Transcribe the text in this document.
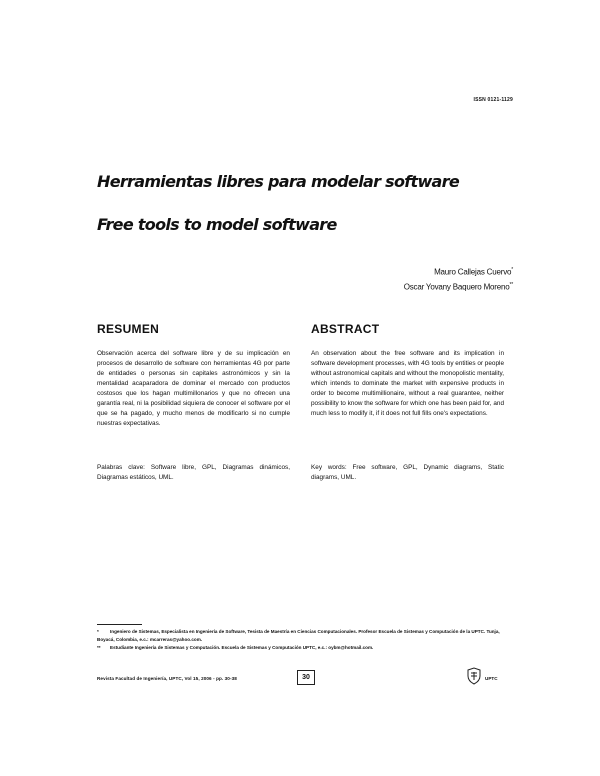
ISSN 0121-1129
Herramientas libres para modelar software
Free tools to model software
Mauro Callejas Cuervo*
Oscar Yovany Baquero Moreno**
RESUMEN	ABSTRACT
Observación acerca del software libre y de su implicación en procesos de desarrollo de software con herramientas 4G por parte de entidades o personas sin capitales astronómicos y sin la mentalidad acaparadora de dominar el mercado con productos costosos que los hagan multimillonarios y que no ofrecen una garantía real, ni la posibilidad siquiera de conocer el software por el que se ha pagado, y mucho menos de modificarlo si no cumple nuestras expectativas.
Palabras clave: Software libre, GPL, Diagramas dinámicos, Diagramas estáticos, UML.
An observation about the free software and its implication in software development processes, with 4G tools by entities or people without astronomical capitals and without the monopolistic mentality, which intends to dominate the market with expensive products in order to become multimillionaire, without a real guarantee, neither possibility to know the software for which one has been paid for, and much less to modify it, if it does not full fills one's expectations.
Key words: Free software, GPL, Dynamic diagrams, Static diagrams, UML.
* Ingeniero de Sistemas, Especialista en Ingeniería de Software, Tesista de Maestría en Ciencias Computacionales. Profesor Escuela de Sistemas y Computación de la UPTC. Tunja, Boyacá, Colombia, e.c.: mcarreras@yahoo.com.
** Estudiante Ingeniería de Sistemas y Computación. Escuela de Sistemas y Computación UPTC, e.c.: oybm@hotmail.com.
Revista Facultad de Ingeniería, UPTC, Vol 15, 2006 - pp. 30-38	30	UPTC
